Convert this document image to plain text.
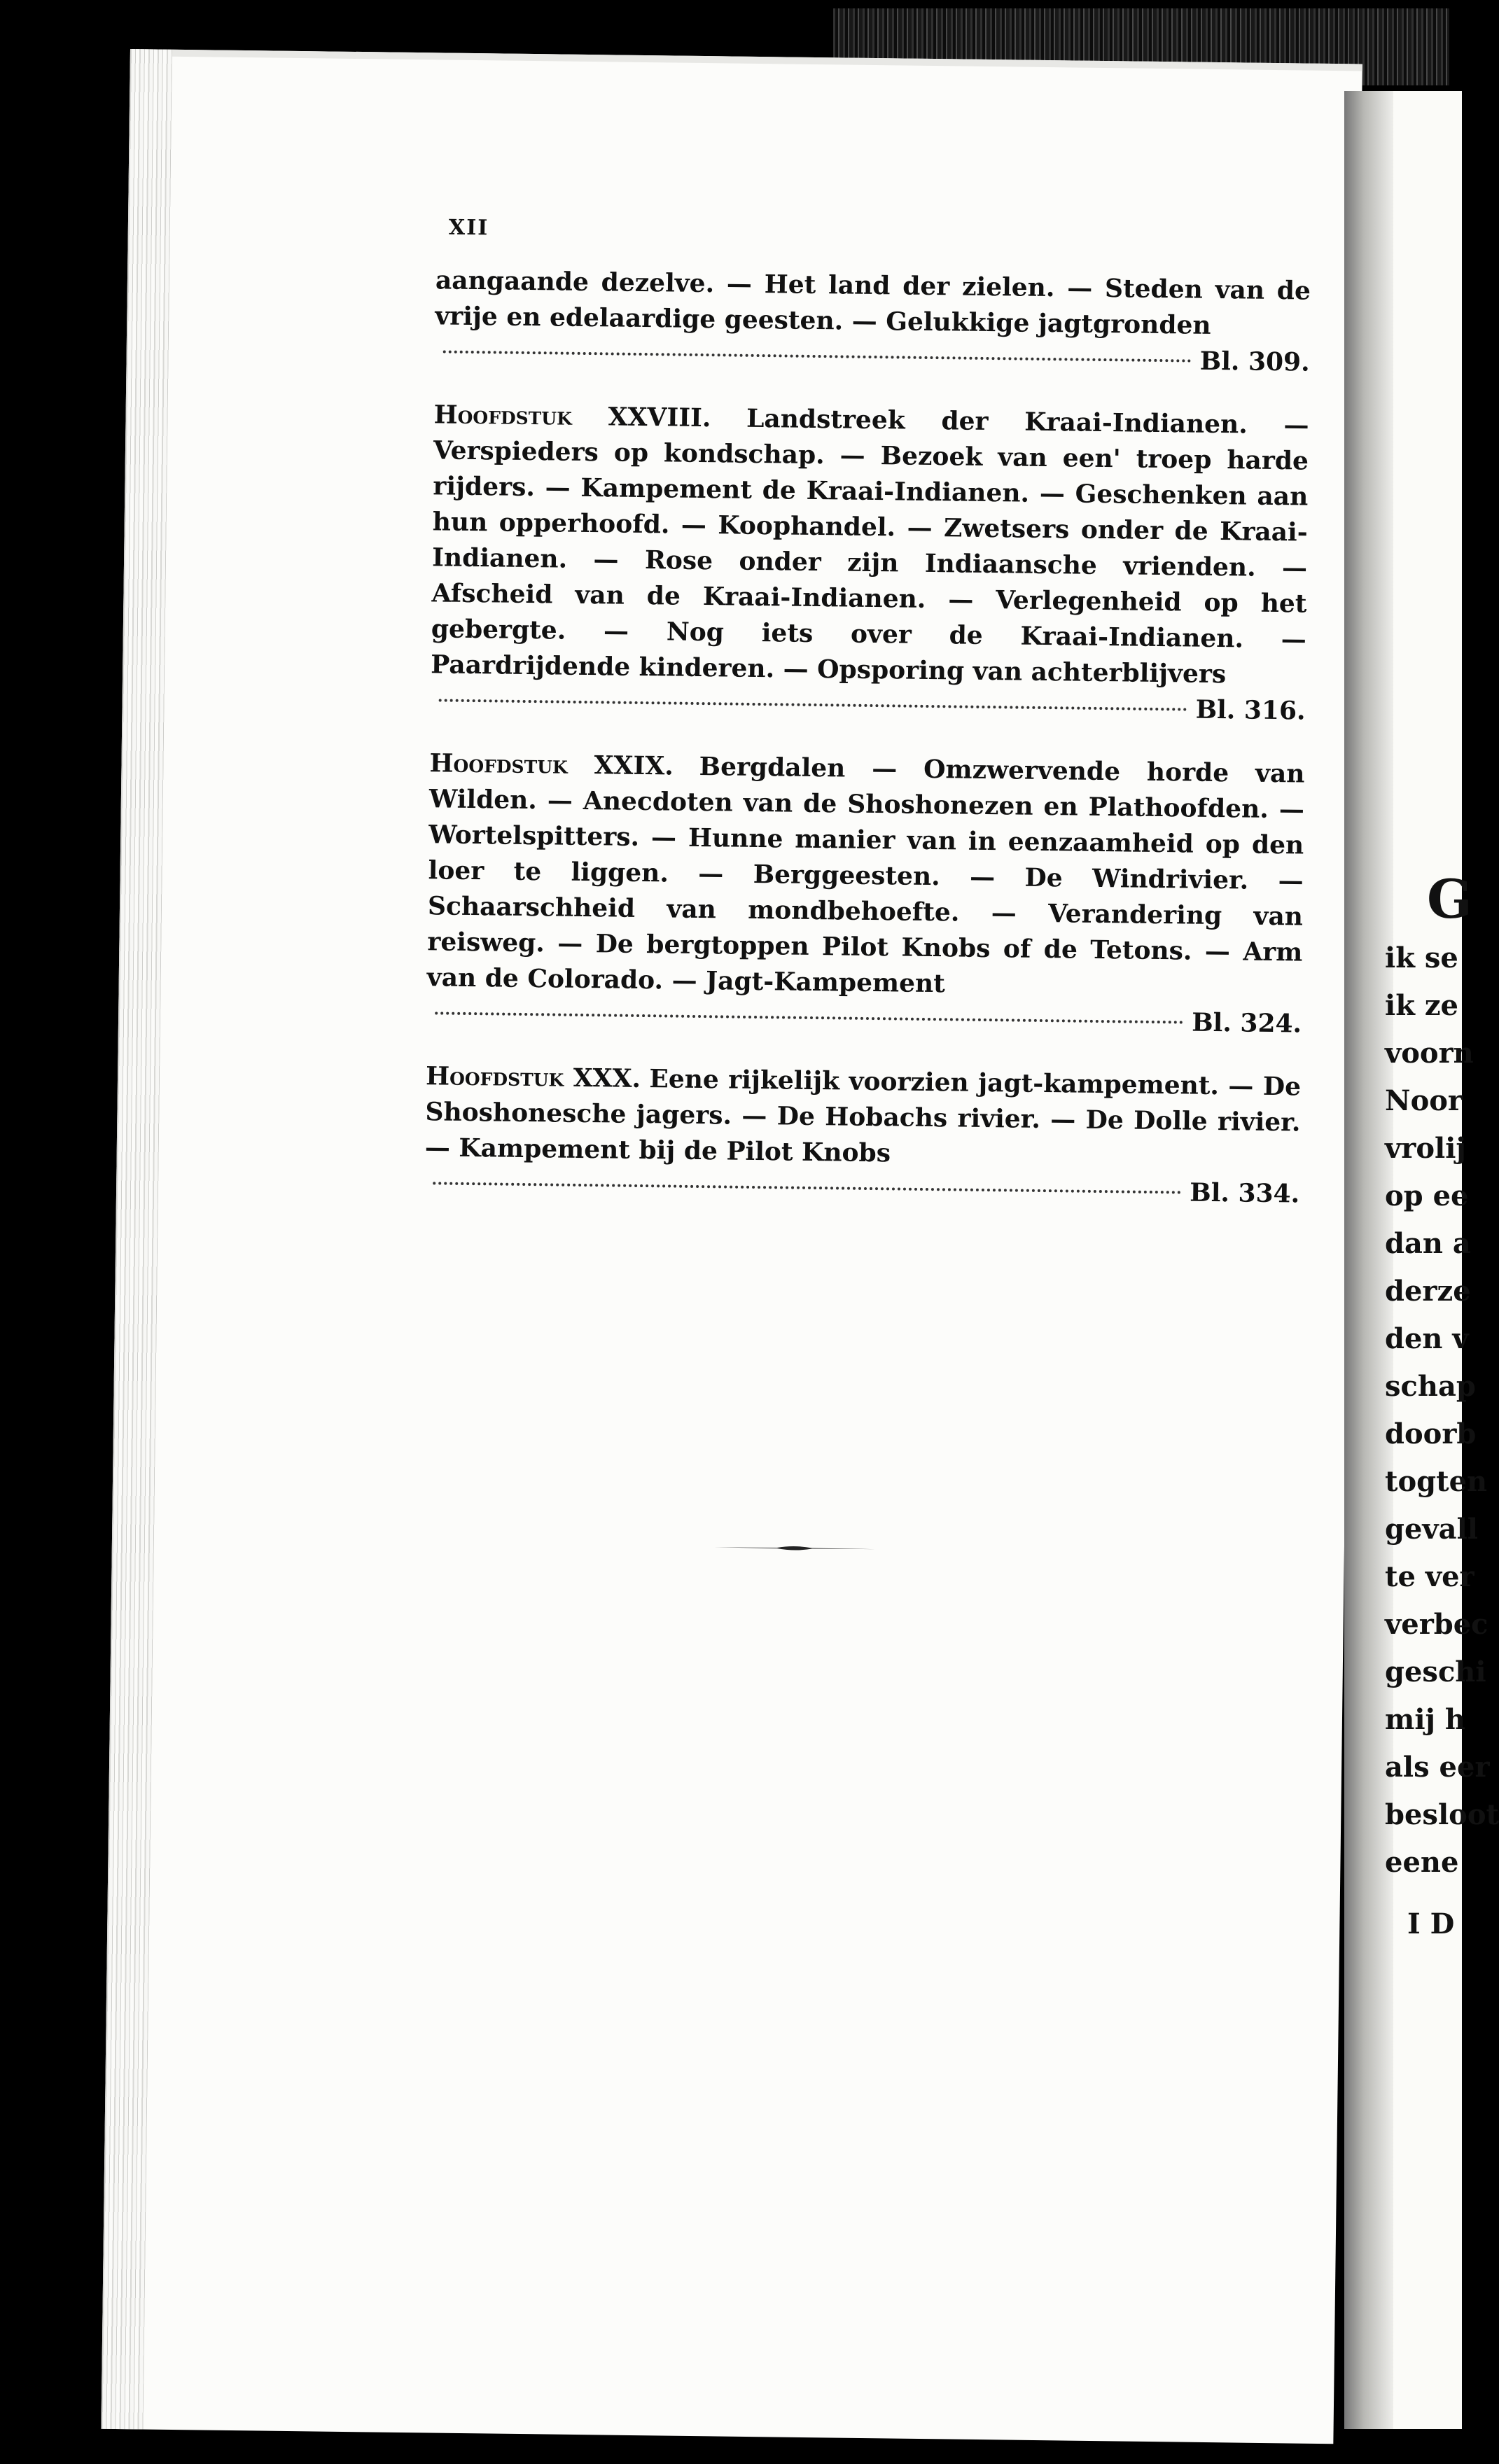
XII
aangaande dezelve. — Het land der zielen. — Steden van de vrije en edelaardige geesten. — Gelukkige jagtgronden
Bl. 309.
Hoofdstuk XXVIII. Landstreek der Kraai-Indianen. — Verspieders op kondschap. — Bezoek van een' troep harde rijders. — Kampement de Kraai-Indianen. — Geschenken aan hun opperhoofd. — Koophandel. — Zwetsers onder de Kraai-Indianen. — Rose onder zijn Indiaansche vrienden. — Afscheid van de Kraai-Indianen. — Verlegenheid op het gebergte. — Nog iets over de Kraai-Indianen. — Paardrijdende kinderen. — Opsporing van achterblijvers
Bl. 316.
Hoofdstuk XXIX. Bergdalen — Omzwervende horde van Wilden. — Anecdoten van de Shoshonezen en Plathoofden. — Wortelspitters. — Hunne manier van in eenzaamheid op den loer te liggen. — Berggeesten. — De Windrivier. — Schaarschheid van mondbehoefte. — Verandering van reisweg. — De bergtoppen Pilot Knobs of de Tetons. — Arm van de Colorado. — Jagt-Kampement
Bl. 324.
Hoofdstuk XXX. Eene rijkelijk voorzien jagt-kampement. — De Shoshonesche jagers. — De Hobachs rivier. — De Dolle rivier. — Kampement bij de Pilot Knobs
Bl. 334.
G
ik se
ik ze
voorn
Noor
vrolij
op ee
dan a
derze
den v
schap
doorb
togten
gevall
te ver
verbec
geschi
mij h
als eer
besloot
eene
I D
